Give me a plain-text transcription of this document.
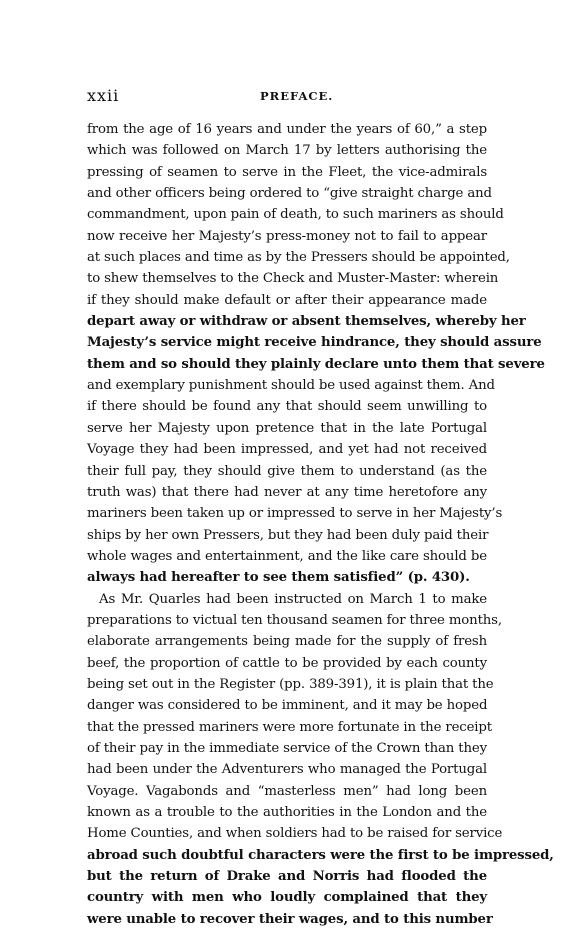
xxii	PREFACE.
from the age of 16 years and under the years of 60,” a step
which was followed on March 17 by letters authorising the
pressing of seamen to serve in the Fleet, the vice-admirals
and other officers being ordered to “give straight charge and
commandment, upon pain of death, to such mariners as should
now receive her Majesty’s press-money not to fail to appear
at such places and time as by the Pressers should be appointed,
to shew themselves to the Check and Muster-Master: wherein
if they should make default or after their appearance made
depart away or withdraw or absent themselves, whereby her
Majesty’s service might receive hindrance, they should assure
them and so should they plainly declare unto them that severe
and exemplary punishment should be used against them. And
if there should be found any that should seem unwilling to
serve her Majesty upon pretence that in the late Portugal
Voyage they had been impressed, and yet had not received
their full pay, they should give them to understand (as the
truth was) that there had never at any time heretofore any
mariners been taken up or impressed to serve in her Majesty’s
ships by her own Pressers, but they had been duly paid their
whole wages and entertainment, and the like care should be
always had hereafter to see them satisfied” (p. 430).
As Mr. Quarles had been instructed on March 1 to make
preparations to victual ten thousand seamen for three months,
elaborate arrangements being made for the supply of fresh
beef, the proportion of cattle to be provided by each county
being set out in the Register (pp. 389-391), it is plain that the
danger was considered to be imminent, and it may be hoped
that the pressed mariners were more fortunate in the receipt
of their pay in the immediate service of the Crown than they
had been under the Adventurers who managed the Portugal
Voyage. Vagabonds and “masterless men” had long been
known as a trouble to the authorities in the London and the
Home Counties, and when soldiers had to be raised for service
abroad such doubtful characters were the first to be impressed,
but the return of Drake and Norris had flooded the
country with men who loudly complained that they
were unable to recover their wages, and to this number
